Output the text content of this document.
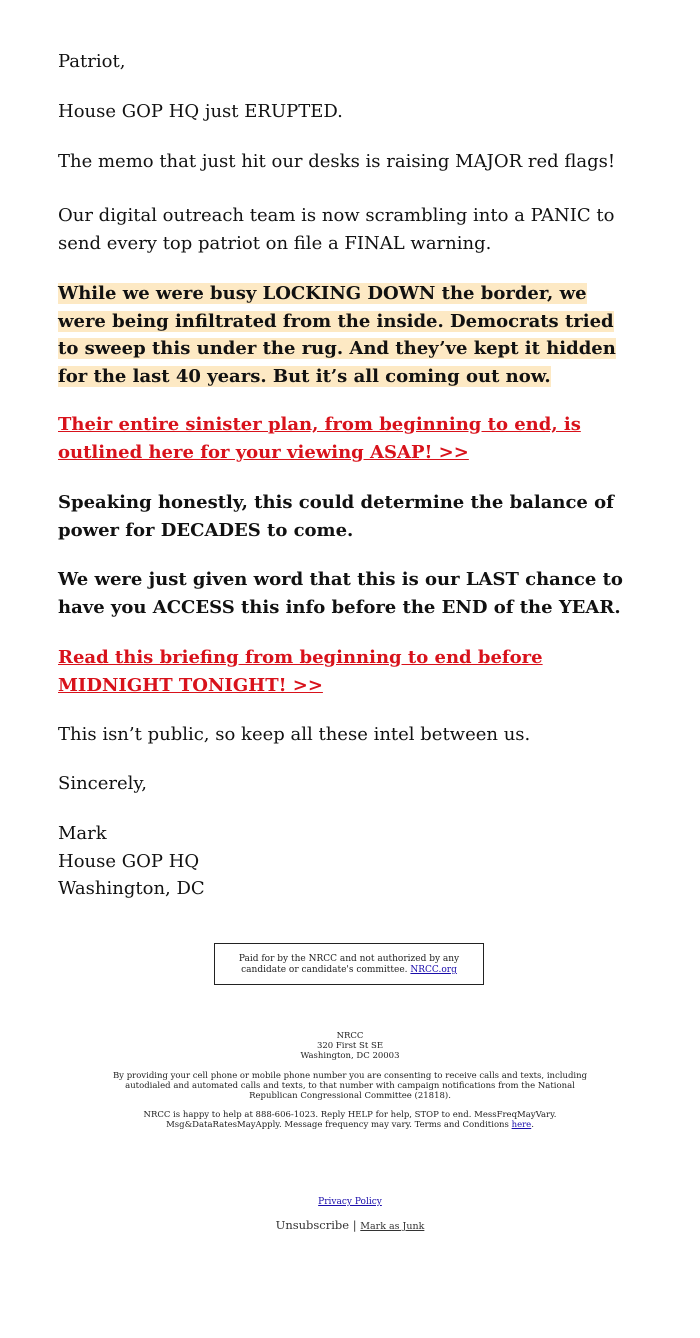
Patriot,

House GOP HQ just ERUPTED.

The memo that just hit our desks is raising MAJOR red flags!

Our digital outreach team is now scrambling into a PANIC to
send every top patriot on file a FINAL warning.
While we were busy LOCKING DOWN the border, we
were being infiltrated from the inside. Democrats tried
to sweep this under the rug. And they’ve kept it hidden
for the last 40 years. But it’s all coming out now.
Their entire sinister plan, from beginning to end, is
outlined here for your viewing ASAP! >>
Speaking honestly, this could determine the balance of
power for DECADES to come.
We were just given word that this is our LAST chance to
have you ACCESS this info before the END of the YEAR.
Read this briefing from beginning to end before
MIDNIGHT TONIGHT! >>

This isn’t public, so keep all these intel between us.

Sincerely,

Mark
House GOP HQ
Washington, DC
Paid for by the NRCC and not authorized by any
candidate or candidate's committee. NRCC.org
NRCC
320 First St SE
Washington, DC 20003
By providing your cell phone or mobile phone number you are consenting to receive calls and texts, including
autodialed and automated calls and texts, to that number with campaign notifications from the National
Republican Congressional Committee (21818).
NRCC is happy to help at 888-606-1023. Reply HELP for help, STOP to end. MessFreqMayVary.
Msg&DataRatesMayApply. Message frequency may vary. Terms and Conditions here.
Privacy Policy
Unsubscribe | Mark as Junk
